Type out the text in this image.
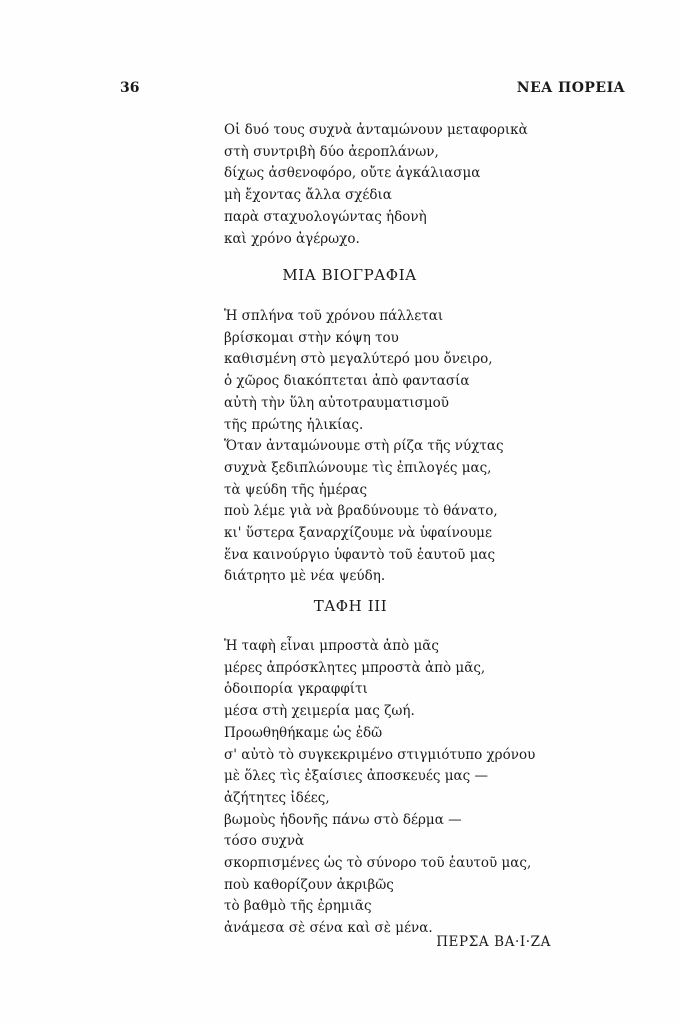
36	ΝΕΑ ΠΟΡΕΙΑ
Οἱ δυό τους συχνὰ ἀνταμώνουν μεταφορικὰ
στὴ συντριβὴ δύο ἀεροπλάνων,
δίχως ἀσθενοφόρο, οὔτε ἀγκάλιασμα
μὴ ἔχοντας ἄλλα σχέδια
παρὰ σταχυολογώντας ἡδονὴ
καὶ χρόνο ἀγέρωχο.
ΜΙΑ ΒΙΟΓΡΑΦΙΑ
Ἡ σπλήνα τοῦ χρόνου πάλλεται
βρίσκομαι στὴν κόψη του
καθισμένη στὸ μεγαλύτερό μου ὄνειρο,
ὁ χῶρος διακόπτεται ἀπὸ φαντασία
αὐτὴ τὴν ὕλη αὐτοτραυματισμοῦ
τῆς πρώτης ἡλικίας.
Ὅταν ἀνταμώνουμε στὴ ρίζα τῆς νύχτας
συχνὰ ξεδιπλώνουμε τὶς ἐπιλογές μας,
τὰ ψεύδη τῆς ἡμέρας
ποὺ λέμε γιὰ νὰ βραδύνουμε τὸ θάνατο,
κι' ὕστερα ξαναρχίζουμε νὰ ὑφαίνουμε
ἕνα καινούργιο ὑφαντὸ τοῦ ἑαυτοῦ μας
διάτρητο μὲ νέα ψεύδη.
ΤΑΦΗ ΙΙΙ
Ἡ ταφὴ εἶναι μπροστὰ ἀπὸ μᾶς
μέρες ἀπρόσκλητες μπροστὰ ἀπὸ μᾶς,
ὁδοιπορία γκραφφίτι
μέσα στὴ χειμερία μας ζωή.
Προωθηθήκαμε ὡς ἐδῶ
σ' αὐτὸ τὸ συγκεκριμένο στιγμιότυπο χρόνου
μὲ ὅλες τὶς ἐξαίσιες ἀποσκευές μας —
ἀζήτητες ἰδέες,
βωμοὺς ἡδονῆς πάνω στὸ δέρμα —
τόσο συχνὰ
σκορπισμένες ὡς τὸ σύνορο τοῦ ἑαυτοῦ μας,
ποὺ καθορίζουν ἀκριβῶς
τὸ βαθμὸ τῆς ἐρημιᾶς
ἀνάμεσα σὲ σένα καὶ σὲ μένα.
ΠΕΡΣΑ ΒΑ·Ι·ΖΑ
